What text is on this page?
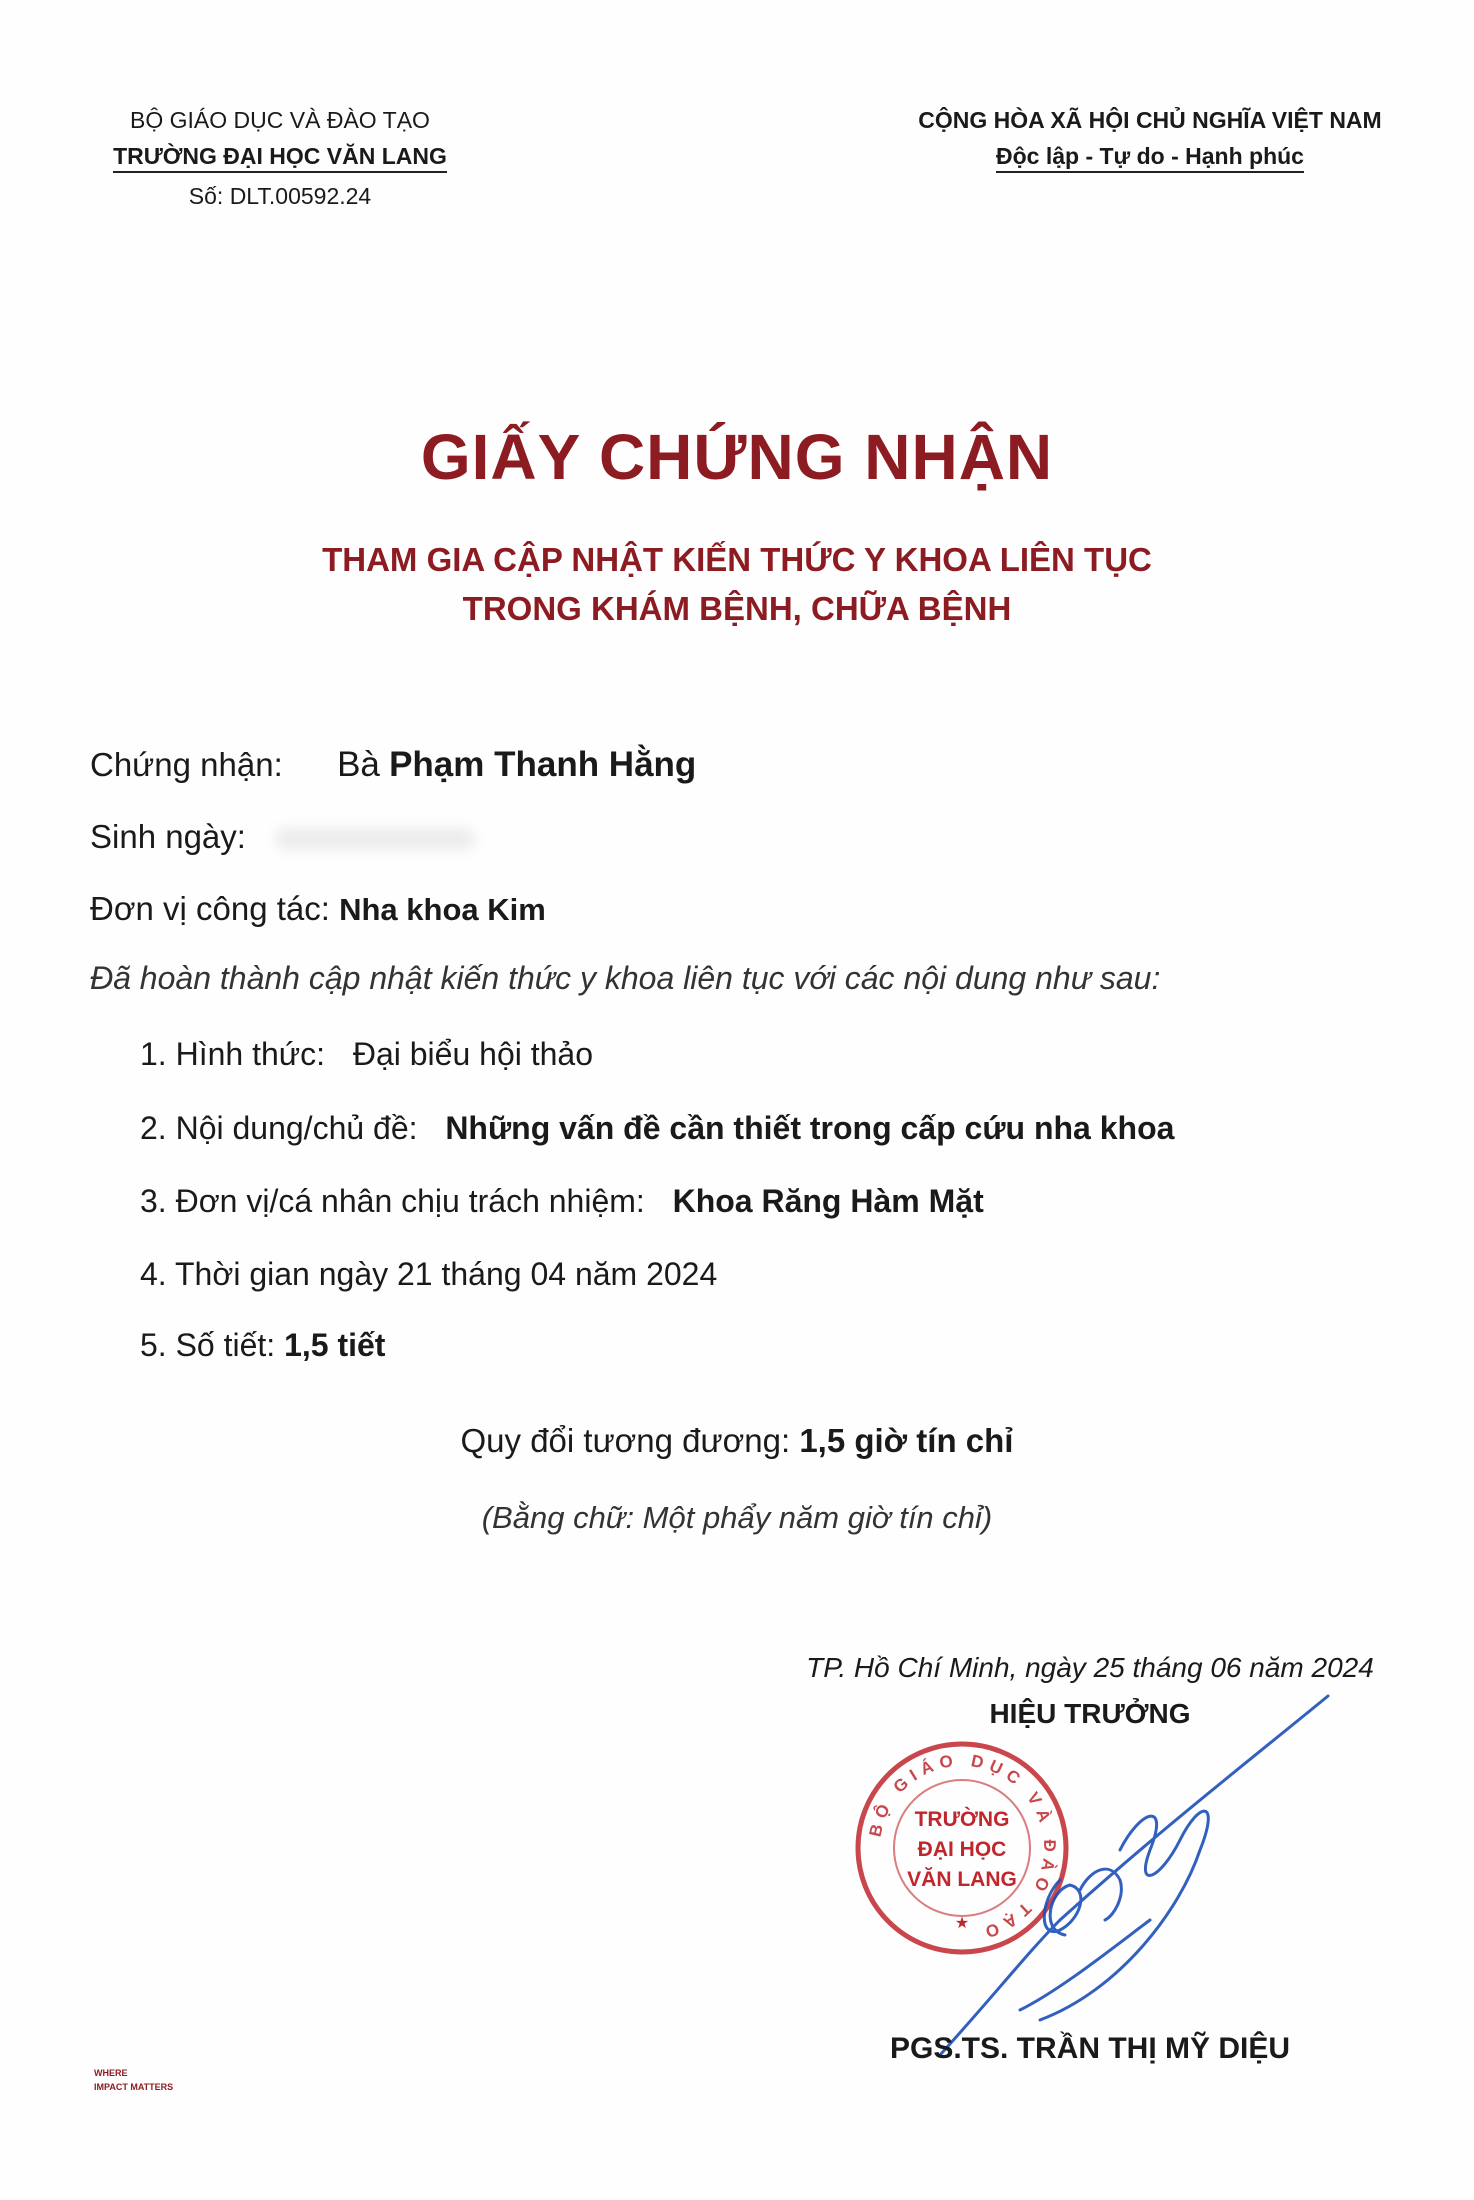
BỘ GIÁO DỤC VÀ ĐÀO TẠO
TRƯỜNG ĐẠI HỌC VĂN LANG
Số: DLT.00592.24
CỘNG HÒA XÃ HỘI CHỦ NGHĨA VIỆT NAM
Độc lập - Tự do - Hạnh phúc
GIẤY CHỨNG NHẬN
THAM GIA CẬP NHẬT KIẾN THỨC Y KHOA LIÊN TỤC
TRONG KHÁM BỆNH, CHỮA BỆNH
Chứng nhận: Bà Phạm Thanh Hằng
Sinh ngày:
Đơn vị công tác: Nha khoa Kim
Đã hoàn thành cập nhật kiến thức y khoa liên tục với các nội dung như sau:
1. Hình thức: Đại biểu hội thảo
2. Nội dung/chủ đề: Những vấn đề cần thiết trong cấp cứu nha khoa
3. Đơn vị/cá nhân chịu trách nhiệm: Khoa Răng Hàm Mặt
4. Thời gian ngày 21 tháng 04 năm 2024
5. Số tiết: 1,5 tiết
Quy đổi tương đương: 1,5 giờ tín chỉ
(Bằng chữ: Một phẩy năm giờ tín chỉ)
TP. Hồ Chí Minh, ngày 25 tháng 06 năm 2024
HIỆU TRƯỞNG
BỘ GIÁO DỤC VÀ ĐÀO TẠO
TRƯỜNG
ĐẠI HỌC
VĂN LANG
★
PGS.TS. TRẦN THỊ MỸ DIỆU
WHERE
IMPACT MATTERS
